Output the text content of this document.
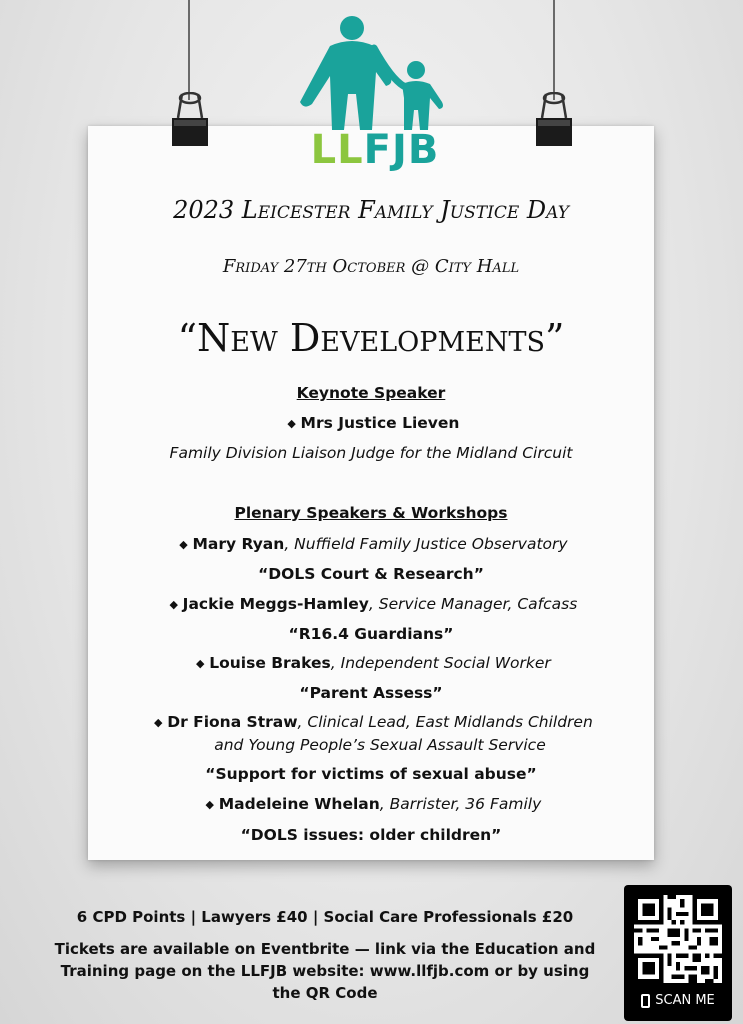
LLFJB
2023 Leicester Family Justice Day
Friday 27th October @ City Hall
“New Developments”
Keynote Speaker
◆ Mrs Justice Lieven
Family Division Liaison Judge for the Midland Circuit
Plenary Speakers & Workshops
◆ Mary Ryan, Nuffield Family Justice Observatory
“DOLS Court & Research”
◆ Jackie Meggs-Hamley, Service Manager, Cafcass
“R16.4 Guardians”
◆ Louise Brakes, Independent Social Worker
“Parent Assess”
◆ Dr Fiona Straw, Clinical Lead, East Midlands Children
and Young People’s Sexual Assault Service
“Support for victims of sexual abuse”
◆ Madeleine Whelan, Barrister, 36 Family
“DOLS issues: older children”
6 CPD Points | Lawyers £40 | Social Care Professionals £20
Tickets are available on Eventbrite — link via the Education and
Training page on the LLFJB website: www.llfjb.com or by using
the QR Code	SCAN ME
